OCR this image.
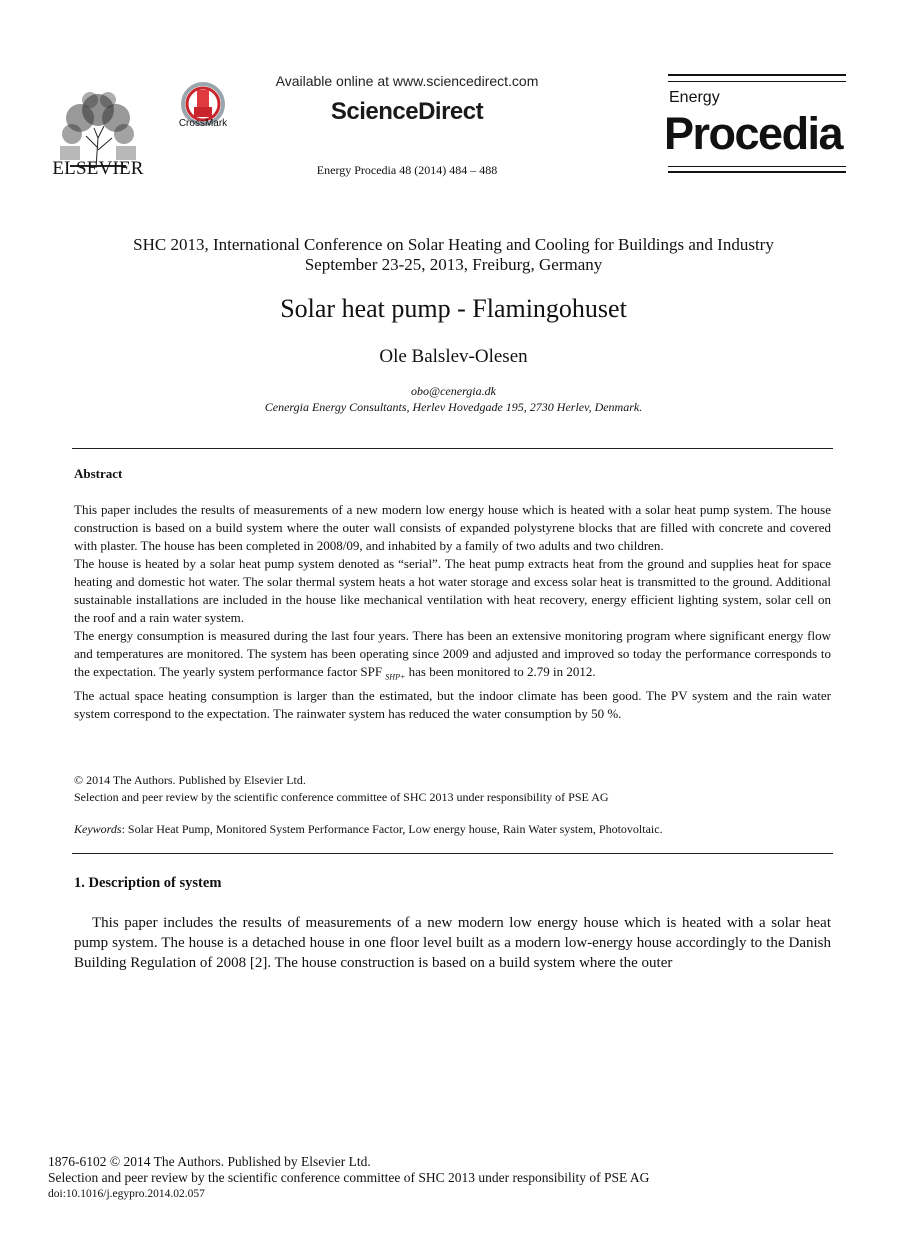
ELSEVIER
CrossMark
Available online at www.sciencedirect.com
ScienceDirect
Energy Procedia 48 (2014) 484 – 488
Energy
Procedia
SHC 2013, International Conference on Solar Heating and Cooling for Buildings and Industry
September 23-25, 2013, Freiburg, Germany
Solar heat pump - Flamingohuset
Ole Balslev-Olesen
obo@cenergia.dk
Cenergia Energy Consultants, Herlev Hovedgade 195, 2730 Herlev, Denmark.
Abstract

This paper includes the results of measurements of a new modern low energy house which is heated with a solar heat pump system. The house construction is based on a build system where the outer wall consists of expanded polystyrene blocks that are filled with concrete and covered with plaster. The house has been completed in 2008/09, and inhabited by a family of two adults and two children.

The house is heated by a solar heat pump system denoted as “serial”. The heat pump extracts heat from the ground and supplies heat for space heating and domestic hot water. The solar thermal system heats a hot water storage and excess solar heat is transmitted to the ground. Additional sustainable installations are included in the house like mechanical ventilation with heat recovery, energy efficient lighting system, solar cell on the roof and a rain water system.

The energy consumption is measured during the last four years. There has been an extensive monitoring program where significant energy flow and temperatures are monitored. The system has been operating since 2009 and adjusted and improved so today the performance corresponds to the expectation. The yearly system performance factor SPF $_{SHP+}$ has been monitored to 2.79 in 2012.

The actual space heating consumption is larger than the estimated, but the indoor climate has been good. The PV system and the rain water system correspond to the expectation. The rainwater system has reduced the water consumption by 50 %.

© 2014 The Authors. Published by Elsevier Ltd.
Selection and peer review by the scientific conference committee of SHC 2013 under responsibility of PSE AG
Keywords: Solar Heat Pump, Monitored System Performance Factor, Low energy house, Rain Water system, Photovoltaic.
1. Description of system
This paper includes the results of measurements of a new modern low energy house which is heated with a solar heat pump system. The house is a detached house in one floor level built as a modern low-energy house accordingly to the Danish Building Regulation of 2008 [2]. The house construction is based on a build system where the outer
1876-6102 © 2014 The Authors. Published by Elsevier Ltd.
Selection and peer review by the scientific conference committee of SHC 2013 under responsibility of PSE AG
doi:10.1016/j.egypro.2014.02.057
